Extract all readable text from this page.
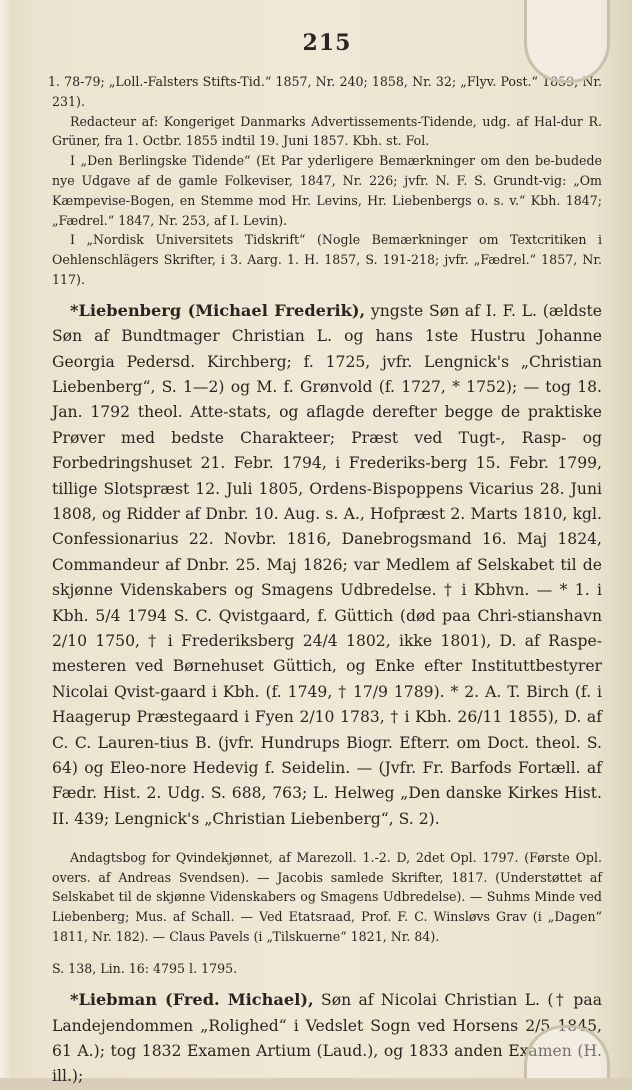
215

1. 78-79; „Loll.-Falsters Stifts-Tid.“ 1857, Nr. 240; 1858, Nr. 32; „Flyv. Post.“ 1859, Nr. 231).

Redacteur af: Kongeriget Danmarks Advertissements-Tidende, udg. af Hal-dur R. Grüner, fra 1. Octbr. 1855 indtil 19. Juni 1857. Kbh. st. Fol.

I „Den Berlingske Tidende“ (Et Par yderligere Bemærkninger om den be-budede nye Udgave af de gamle Folkeviser, 1847, Nr. 226; jvfr. N. F. S. Grundt-vig: „Om Kæmpevise-Bogen, en Stemme mod Hr. Levins, Hr. Liebenbergs o. s. v.“ Kbh. 1847; „Fædrel.“ 1847, Nr. 253, af I. Levin).

I „Nordisk Universitets Tidskrift“ (Nogle Bemærkninger om Textcritiken i Oehlenschlägers Skrifter, i 3. Aarg. 1. H. 1857, S. 191-218; jvfr. „Fædrel.“ 1857, Nr. 117).

*Liebenberg (Michael Frederik), yngste Søn af I. F. L. (ældste Søn af Bundtmager Christian L. og hans 1ste Hustru Johanne Georgia Pedersd. Kirchberg; f. 1725, jvfr. Lengnick's „Christian Liebenberg“, S. 1—2) og M. f. Grønvold (f. 1727, * 1752); — tog 18. Jan. 1792 theol. Atte-stats, og aflagde derefter begge de praktiske Prøver med bedste Charakteer; Præst ved Tugt-, Rasp- og Forbedringshuset 21. Febr. 1794, i Frederiks-berg 15. Febr. 1799, tillige Slotspræst 12. Juli 1805, Ordens-Bispoppens Vicarius 28. Juni 1808, og Ridder af Dnbr. 10. Aug. s. A., Hofpræst 2. Marts 1810, kgl. Confessionarius 22. Novbr. 1816, Danebrogsmand 16. Maj 1824, Commandeur af Dnbr. 25. Maj 1826; var Medlem af Selskabet til de skjønne Videnskabers og Smagens Udbredelse. † i Kbhvn. — * 1. i Kbh. 5/4 1794 S. C. Qvistgaard, f. Güttich (død paa Chri-stianshavn 2/10 1750, † i Frederiksberg 24/4 1802, ikke 1801), D. af Raspe-mesteren ved Børnehuset Güttich, og Enke efter Instituttbestyrer Nicolai Qvist-gaard i Kbh. (f. 1749, † 17/9 1789). * 2. A. T. Birch (f. i Haagerup Præstegaard i Fyen 2/10 1783, † i Kbh. 26/11 1855), D. af C. C. Lauren-tius B. (jvfr. Hundrups Biogr. Efterr. om Doct. theol. S. 64) og Eleo-nore Hedevig f. Seidelin. — (Jvfr. Fr. Barfods Fortæll. af Fædr. Hist. 2. Udg. S. 688, 763; L. Helweg „Den danske Kirkes Hist. II. 439; Lengnick's „Christian Liebenberg“, S. 2).

Andagtsbog for Qvindekjønnet, af Marezoll. 1.-2. D, 2det Opl. 1797. (Første Opl. overs. af Andreas Svendsen). — Jacobis samlede Skrifter, 1817. (Understøttet af Selskabet til de skjønne Videnskabers og Smagens Udbredelse). — Suhms Minde ved Liebenberg; Mus. af Schall. — Ved Etatsraad, Prof. F. C. Winsløvs Grav (i „Dagen“ 1811, Nr. 182). — Claus Pavels (i „Tilskuerne“ 1821, Nr. 84).

S. 138, Lin. 16: 4795 l. 1795.

*Liebman (Fred. Michael), Søn af Nicolai Christian L. († paa Landejendommen „Rolighed“ i Vedslet Sogn ved Horsens 2/5 1845, 61 A.); tog 1832 Examen Artium (Laud.), og 1833 anden Examen (H. ill.);
